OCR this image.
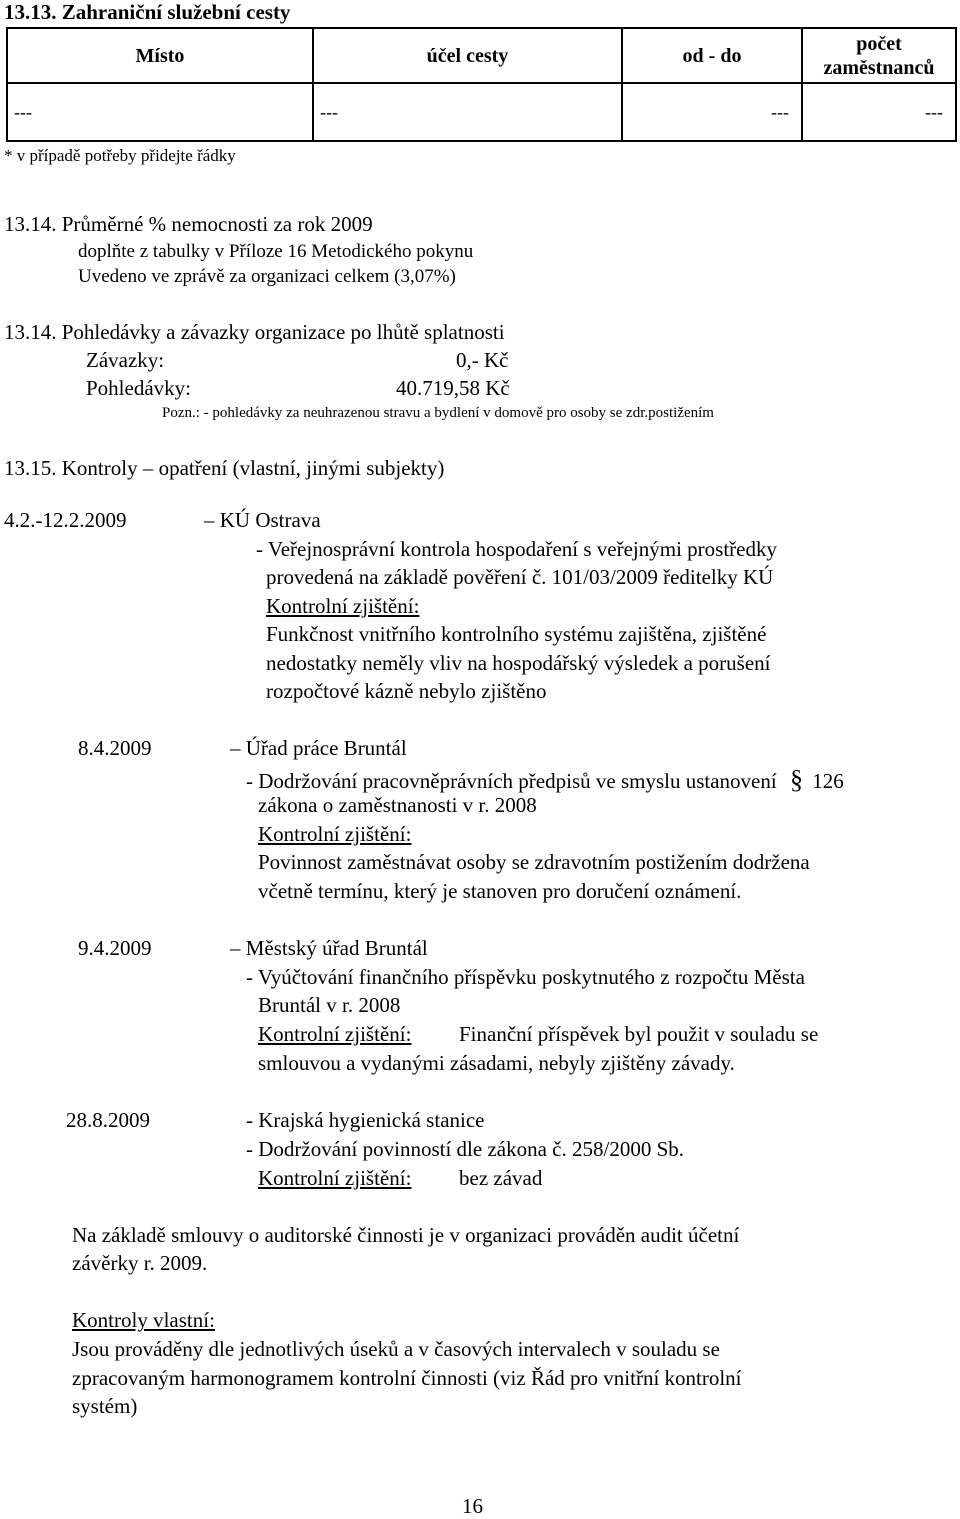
13.13. Zahraniční služební cesty
Místo	účel cesty	od - do	počet
zaměstnanců
---	---	---	---
* v případě potřeby přidejte řádky
13.14. Průměrné % nemocnosti za rok 2009
doplňte z tabulky v Příloze 16 Metodického pokynu
Uvedeno ve zprávě za organizaci celkem (3,07%)
13.14. Pohledávky a závazky organizace po lhůtě splatnosti
Závazky:	0,- Kč
Pohledávky:	40.719,58 Kč
Pozn.: - pohledávky za neuhrazenou stravu a bydlení v domově pro osoby se zdr.postižením
13.15. Kontroly – opatření (vlastní, jinými subjekty)
4.2.-12.2.2009	– KÚ Ostrava
- Veřejnosprávní kontrola hospodaření s veřejnými prostředky
provedená na základě pověření č. 101/03/2009 ředitelky KÚ
Kontrolní zjištění:
Funkčnost vnitřního kontrolního systému zajištěna, zjištěné
nedostatky neměly vliv na hospodářský výsledek a porušení
rozpočtové kázně nebylo zjištěno
8.4.2009	– Úřad práce Bruntál
- Dodržování pracovněprávních předpisů ve smyslu ustanovení § 126
zákona o zaměstnanosti v r. 2008
Kontrolní zjištění:
Povinnost zaměstnávat osoby se zdravotním postižením dodržena
včetně termínu, který je stanoven pro doručení oznámení.
9.4.2009	– Městský úřad Bruntál
- Vyúčtování finančního příspěvku poskytnutého z rozpočtu Města
Bruntál v r. 2008
Kontrolní zjištění: Finanční příspěvek byl použit v souladu se
smlouvou a vydanými zásadami, nebyly zjištěny závady.
28.8.2009	- Krajská hygienická stanice
- Dodržování povinností dle zákona č. 258/2000 Sb.
Kontrolní zjištění: bez závad
Na základě smlouvy o auditorské činnosti je v organizaci prováděn audit účetní
závěrky r. 2009.
Kontroly vlastní:
Jsou prováděny dle jednotlivých úseků a v časových intervalech v souladu se
zpracovaným harmonogramem kontrolní činnosti (viz Řád pro vnitřní kontrolní
systém)
16
